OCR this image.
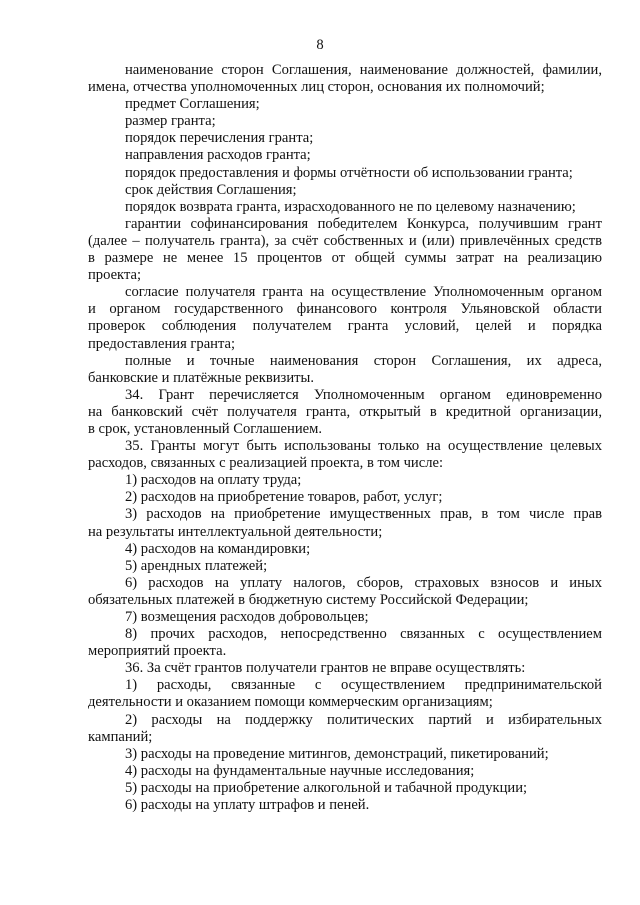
8
наименование сторон Соглашения, наименование должностей, фамилии,
имена, отчества уполномоченных лиц сторон, основания их полномочий;
предмет Соглашения;
размер гранта;
порядок перечисления гранта;
направления расходов гранта;
порядок предоставления и формы отчётности об использовании гранта;
срок действия Соглашения;
порядок возврата гранта, израсходованного не по целевому назначению;
гарантии софинансирования победителем Конкурса, получившим грант
(далее – получатель гранта), за счёт собственных и (или) привлечённых средств
в размере не менее 15 процентов от общей суммы затрат на реализацию
проекта;
согласие получателя гранта на осуществление Уполномоченным органом
и органом государственного финансового контроля Ульяновской области
проверок соблюдения получателем гранта условий, целей и порядка
предоставления гранта;
полные и точные наименования сторон Соглашения, их адреса,
банковские и платёжные реквизиты.
34. Грант перечисляется Уполномоченным органом единовременно
на банковский счёт получателя гранта, открытый в кредитной организации,
в срок, установленный Соглашением.
35. Гранты могут быть использованы только на осуществление целевых
расходов, связанных с реализацией проекта, в том числе:
1) расходов на оплату труда;
2) расходов на приобретение товаров, работ, услуг;
3) расходов на приобретение имущественных прав, в том числе прав
на результаты интеллектуальной деятельности;
4) расходов на командировки;
5) арендных платежей;
6) расходов на уплату налогов, сборов, страховых взносов и иных
обязательных платежей в бюджетную систему Российской Федерации;
7) возмещения расходов добровольцев;
8) прочих расходов, непосредственно связанных с осуществлением
мероприятий проекта.
36. За счёт грантов получатели грантов не вправе осуществлять:
1) расходы, связанные с осуществлением предпринимательской
деятельности и оказанием помощи коммерческим организациям;
2) расходы на поддержку политических партий и избирательных
кампаний;
3) расходы на проведение митингов, демонстраций, пикетирований;
4) расходы на фундаментальные научные исследования;
5) расходы на приобретение алкогольной и табачной продукции;
6) расходы на уплату штрафов и пеней.
